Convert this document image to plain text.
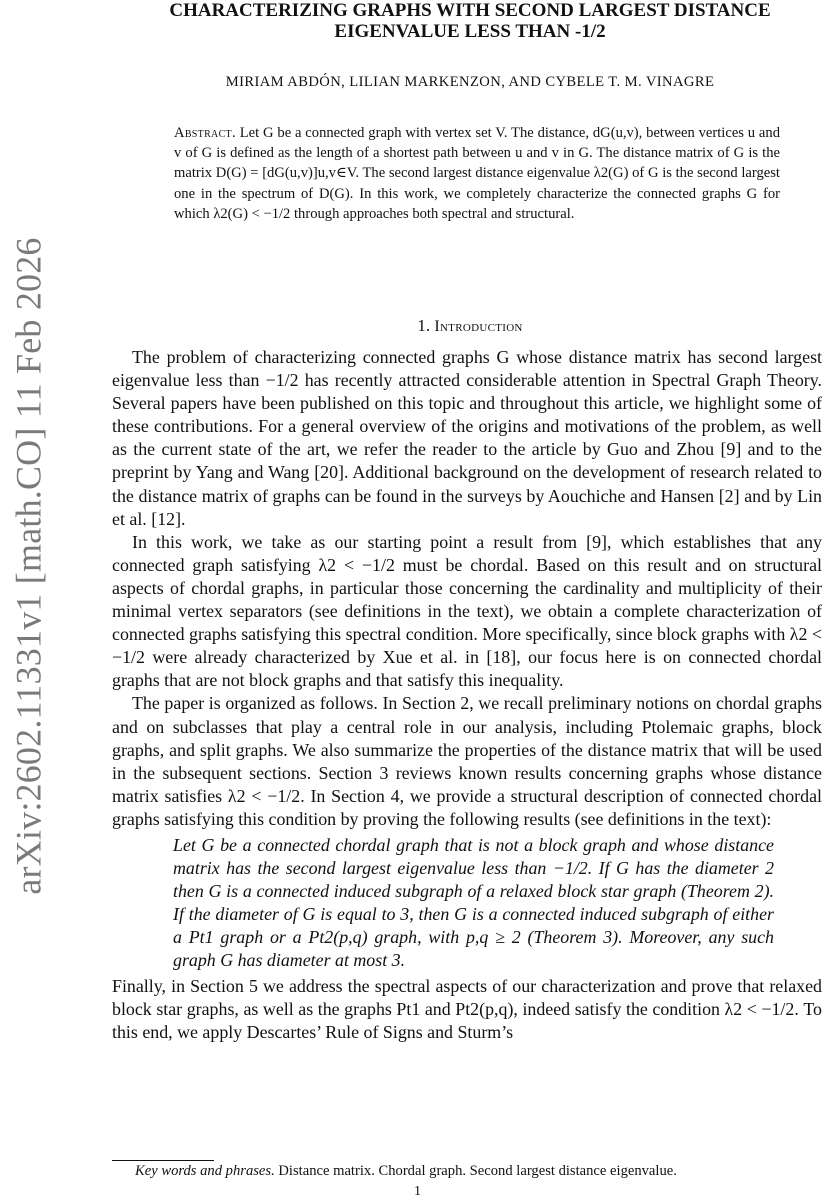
arXiv:2602.11331v1 [math.CO] 11 Feb 2026
CHARACTERIZING GRAPHS WITH SECOND LARGEST DISTANCE
EIGENVALUE LESS THAN -1/2
MIRIAM ABDÓN, LILIAN MARKENZON, AND CYBELE T. M. VINAGRE
Abstract. Let G be a connected graph with vertex set V. The distance, dG(u,v), between vertices u and v of G is defined as the length of a shortest path between u and v in G. The distance matrix of G is the matrix D(G) = [dG(u,v)]u,v∈V. The second largest distance eigenvalue λ2(G) of G is the second largest one in the spectrum of D(G). In this work, we completely characterize the connected graphs G for which λ2(G) < −1/2 through approaches both spectral and structural.
1. Introduction

The problem of characterizing connected graphs G whose distance matrix has second largest eigenvalue less than −1/2 has recently attracted considerable attention in Spectral Graph Theory. Several papers have been published on this topic and throughout this article, we highlight some of these contributions. For a general overview of the origins and motivations of the problem, as well as the current state of the art, we refer the reader to the article by Guo and Zhou [9] and to the preprint by Yang and Wang [20]. Additional background on the development of research related to the distance matrix of graphs can be found in the surveys by Aouchiche and Hansen [2] and by Lin et al. [12].

In this work, we take as our starting point a result from [9], which establishes that any connected graph satisfying λ2 < −1/2 must be chordal. Based on this result and on structural aspects of chordal graphs, in particular those concerning the cardinality and multiplicity of their minimal vertex separators (see definitions in the text), we obtain a complete characterization of connected graphs satisfying this spectral condition. More specifically, since block graphs with λ2 < −1/2 were already characterized by Xue et al. in [18], our focus here is on connected chordal graphs that are not block graphs and that satisfy this inequality.

The paper is organized as follows. In Section 2, we recall preliminary notions on chordal graphs and on subclasses that play a central role in our analysis, including Ptolemaic graphs, block graphs, and split graphs. We also summarize the properties of the distance matrix that will be used in the subsequent sections. Section 3 reviews known results concerning graphs whose distance matrix satisfies λ2 < −1/2. In Section 4, we provide a structural description of connected chordal graphs satisfying this condition by proving the following results (see definitions in the text):

Let G be a connected chordal graph that is not a block graph and whose distance matrix has the second largest eigenvalue less than −1/2. If G has the diameter 2 then G is a connected induced subgraph of a relaxed block star graph (Theorem 2). If the diameter of G is equal to 3, then G is a connected induced subgraph of either a Pt1 graph or a Pt2(p,q) graph, with p,q ≥ 2 (Theorem 3). Moreover, any such graph G has diameter at most 3.

Finally, in Section 5 we address the spectral aspects of our characterization and prove that relaxed block star graphs, as well as the graphs Pt1 and Pt2(p,q), indeed satisfy the condition λ2 < −1/2. To this end, we apply Descartes’ Rule of Signs and Sturm’s

Key words and phrases. Distance matrix. Chordal graph. Second largest distance eigenvalue.
1
